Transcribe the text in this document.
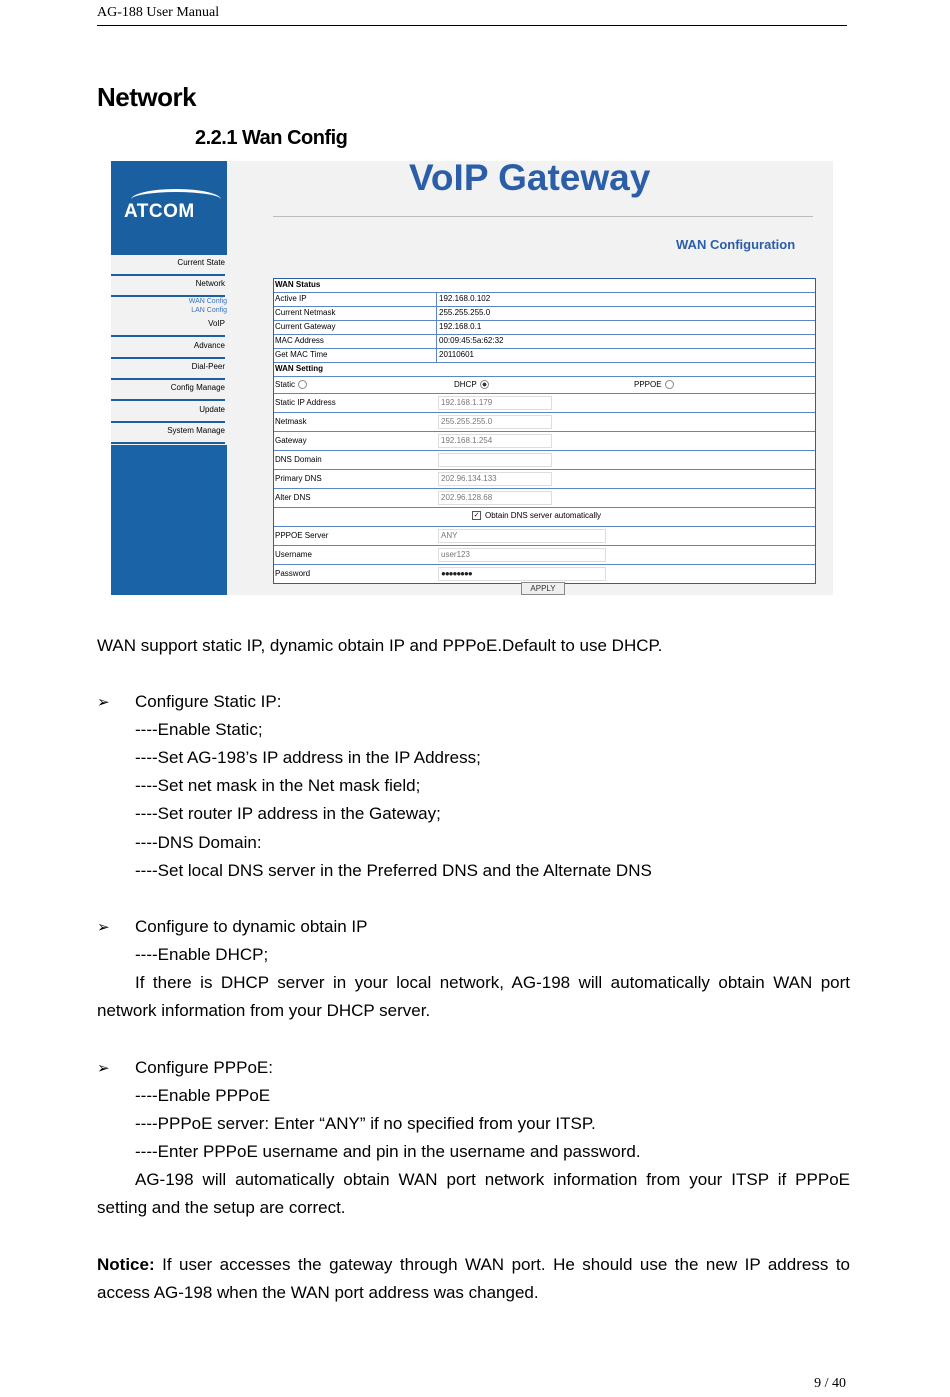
AG-188 User Manual
Network
2.2.1 Wan Config
ATCOM
Current State
Network
WAN Config
LAN Config
VoIP
Advance
Dial-Peer
Config Manage
Update
System Manage
VoIP Gateway
WAN Configuration
WAN Status
Active IP	192.168.0.102
Current Netmask	255.255.255.0
Current Gateway	192.168.0.1
MAC Address	00:09:45:5a:62:32
Get MAC Time	20110601
WAN Setting
Static	DHCP	PPPOE
Static IP Address	192.168.1.179
Netmask	255.255.255.0
Gateway	192.168.1.254
DNS Domain
Primary DNS	202.96.134.133
Alter DNS	202.96.128.68
✓ Obtain DNS server automatically
PPPOE Server	ANY
Username	user123
Password	●●●●●●●●
APPLY
WAN support static IP, dynamic obtain IP and PPPoE.Default to use DHCP.
➢ Configure Static IP:
----Enable Static;
----Set AG-198’s IP address in the IP Address;
----Set net mask in the Net mask field;
----Set router IP address in the Gateway;
----DNS Domain:
----Set local DNS server in the Preferred DNS and the Alternate DNS
➢ Configure to dynamic obtain IP
----Enable DHCP;
If there is DHCP server in your local network, AG-198 will automatically obtain WAN port network information from your DHCP server.
➢ Configure PPPoE:
----Enable PPPoE
----PPPoE server: Enter “ANY” if no specified from your ITSP.
----Enter PPPoE username and pin in the username and password.
AG-198 will automatically obtain WAN port network information from your ITSP if PPPoE setting and the setup are correct.
Notice: If user accesses the gateway through WAN port. He should use the new IP address to access AG-198 when the WAN port address was changed.
9 / 40
